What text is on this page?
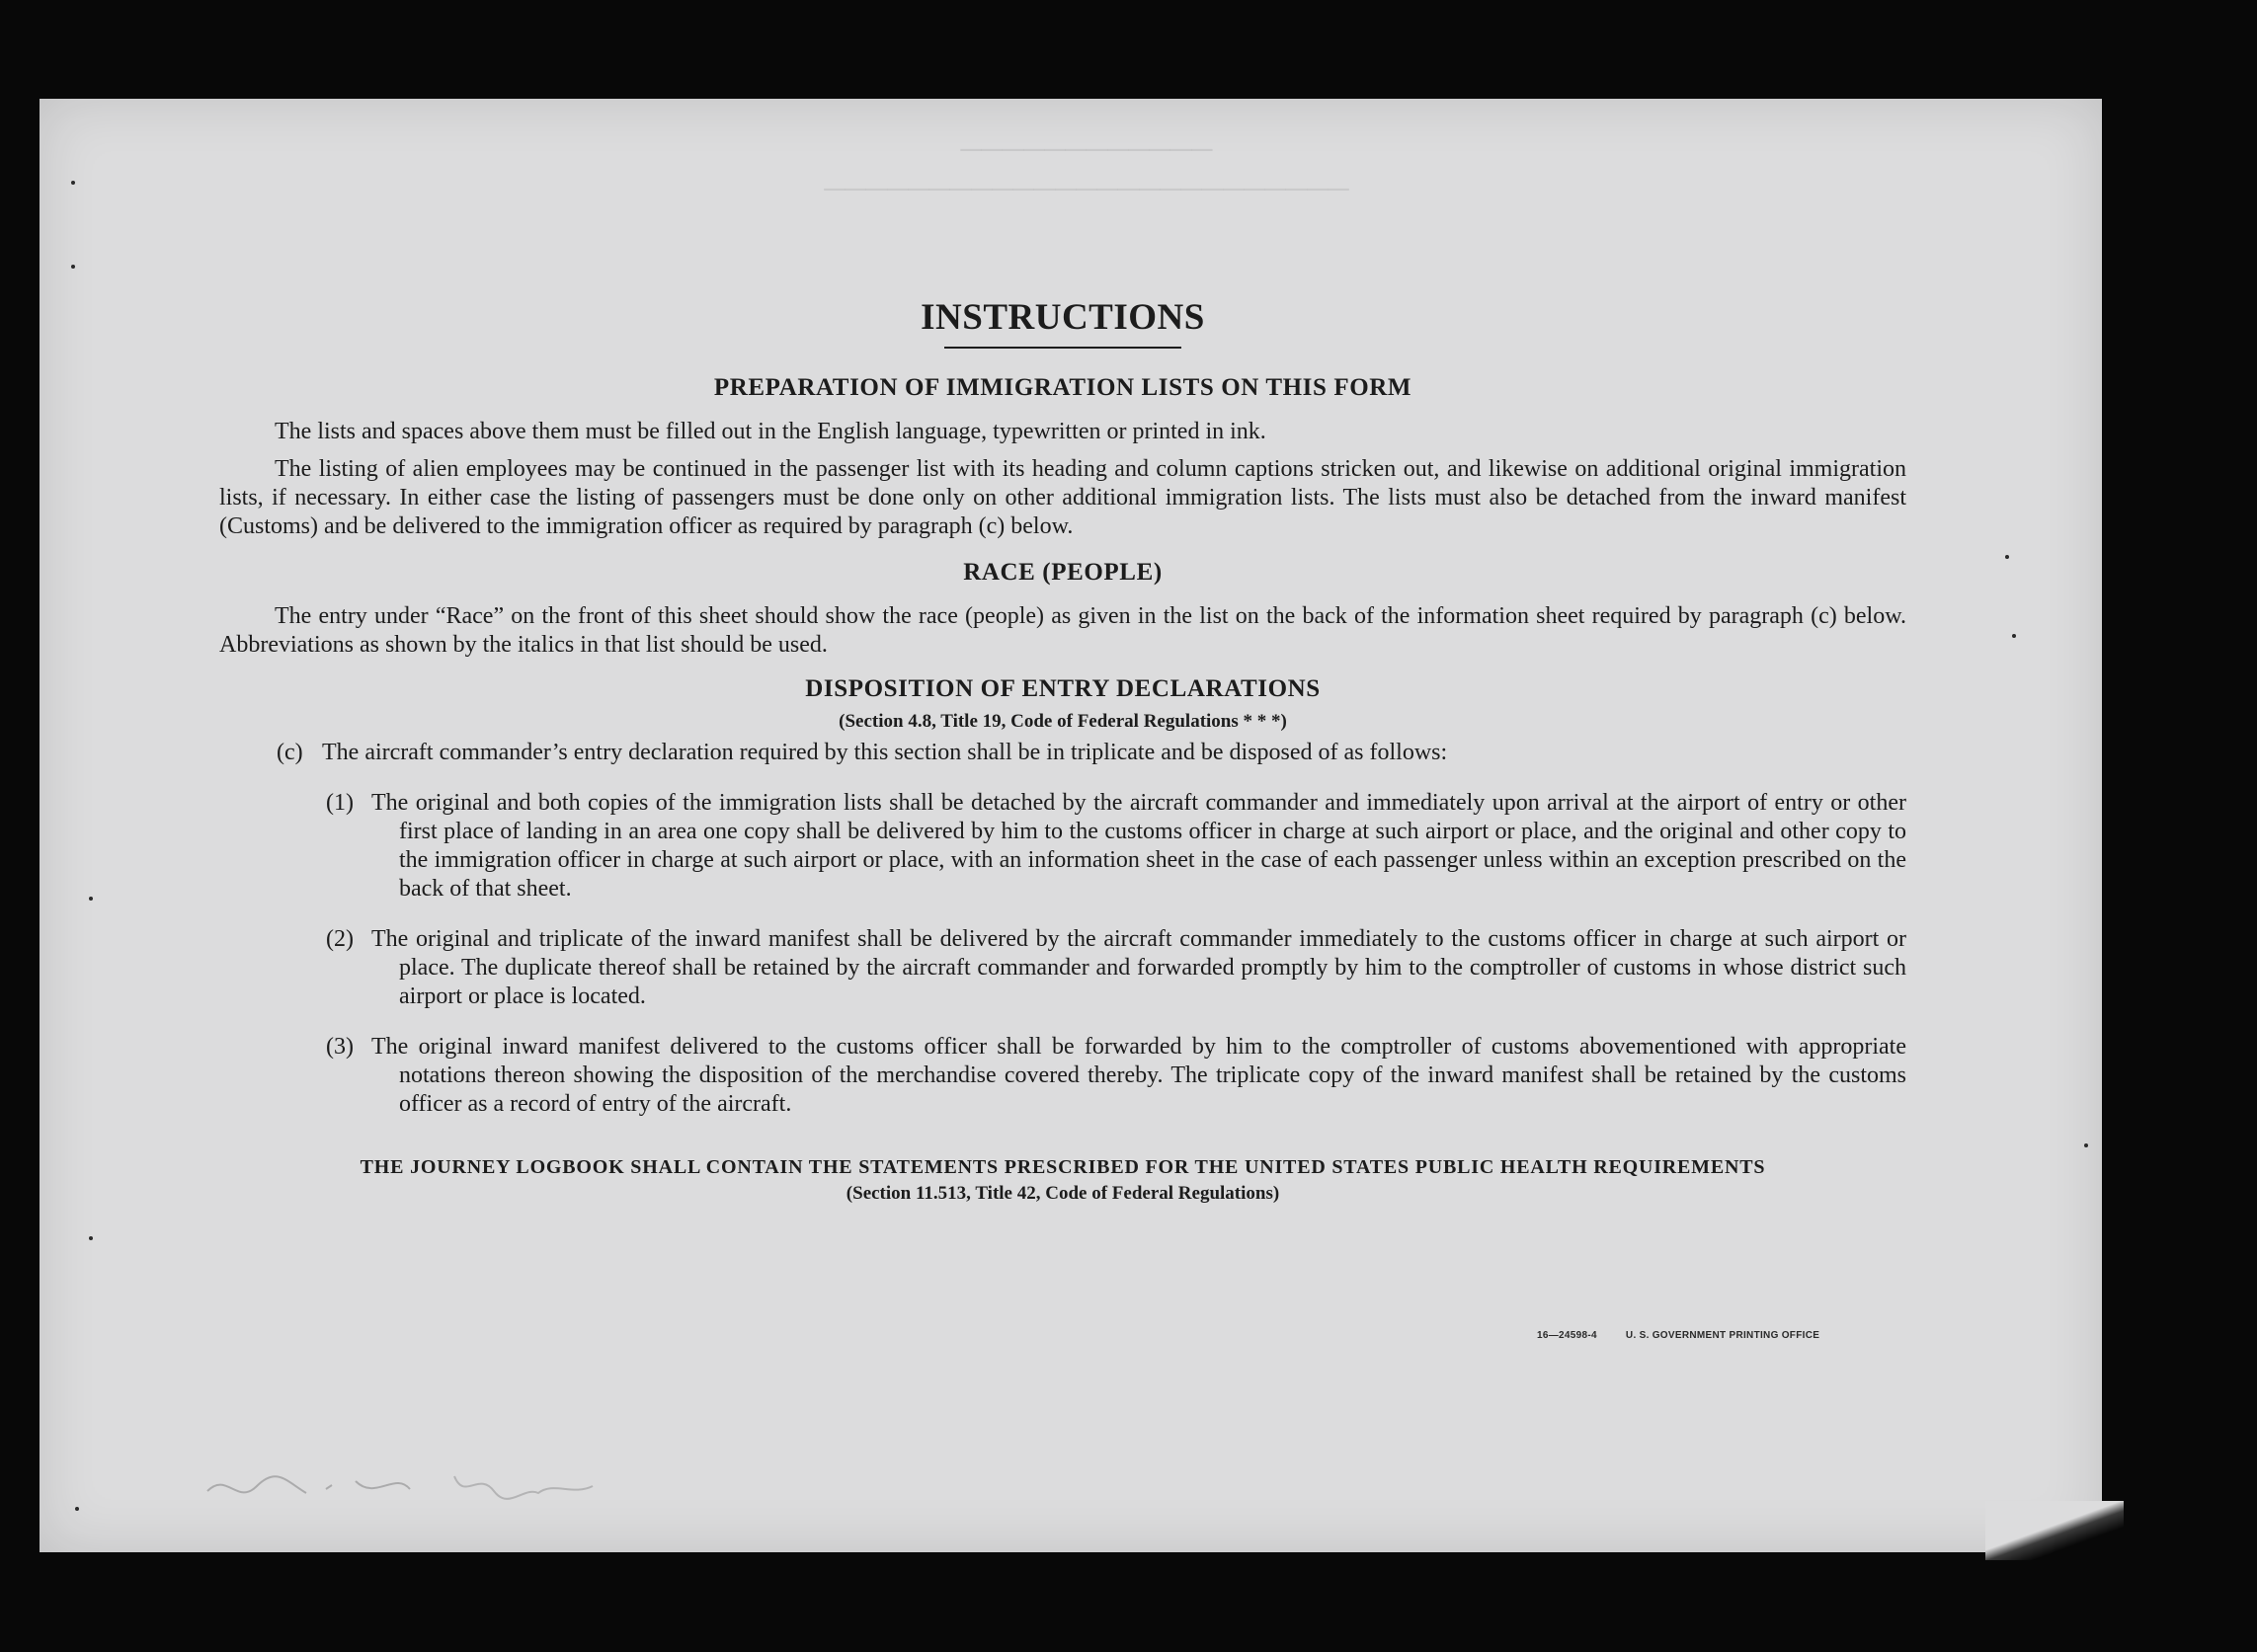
────────────
─────────────────────────
INSTRUCTIONS
PREPARATION OF IMMIGRATION LISTS ON THIS FORM

The lists and spaces above them must be filled out in the English language, typewritten or printed in ink.

The listing of alien employees may be continued in the passenger list with its heading and column captions stricken out, and likewise on additional original immigration lists, if necessary. In either case the listing of passengers must be done only on other additional immigration lists. The lists must also be detached from the inward manifest (Customs) and be delivered to the immigration officer as required by paragraph (c) below.

RACE (PEOPLE)

The entry under “Race” on the front of this sheet should show the race (people) as given in the list on the back of the information sheet required by paragraph (c) below. Abbreviations as shown by the italics in that list should be used.

DISPOSITION OF ENTRY DECLARATIONS
(Section 4.8, Title 19, Code of Federal Regulations * * *)
(c) The aircraft commander’s entry declaration required by this section shall be in triplicate and be disposed of as follows:
(1) The original and both copies of the immigration lists shall be detached by the aircraft commander and immediately upon arrival at the airport of entry or other first place of landing in an area one copy shall be delivered by him to the customs officer in charge at such airport or place, and the original and other copy to the immigration officer in charge at such airport or place, with an information sheet in the case of each passenger unless within an exception prescribed on the back of that sheet.
(2) The original and triplicate of the inward manifest shall be delivered by the aircraft commander immediately to the customs officer in charge at such airport or place. The duplicate thereof shall be retained by the aircraft commander and forwarded promptly by him to the comptroller of customs in whose district such airport or place is located.
(3) The original inward manifest delivered to the customs officer shall be forwarded by him to the comptroller of customs abovementioned with appropriate notations thereon showing the disposition of the merchandise covered thereby. The triplicate copy of the inward manifest shall be retained by the customs officer as a record of entry of the aircraft.
THE JOURNEY LOGBOOK SHALL CONTAIN THE STATEMENTS PRESCRIBED FOR THE UNITED STATES PUBLIC HEALTH REQUIREMENTS
(Section 11.513, Title 42, Code of Federal Regulations)
16—24598-4	U. S. GOVERNMENT PRINTING OFFICE
